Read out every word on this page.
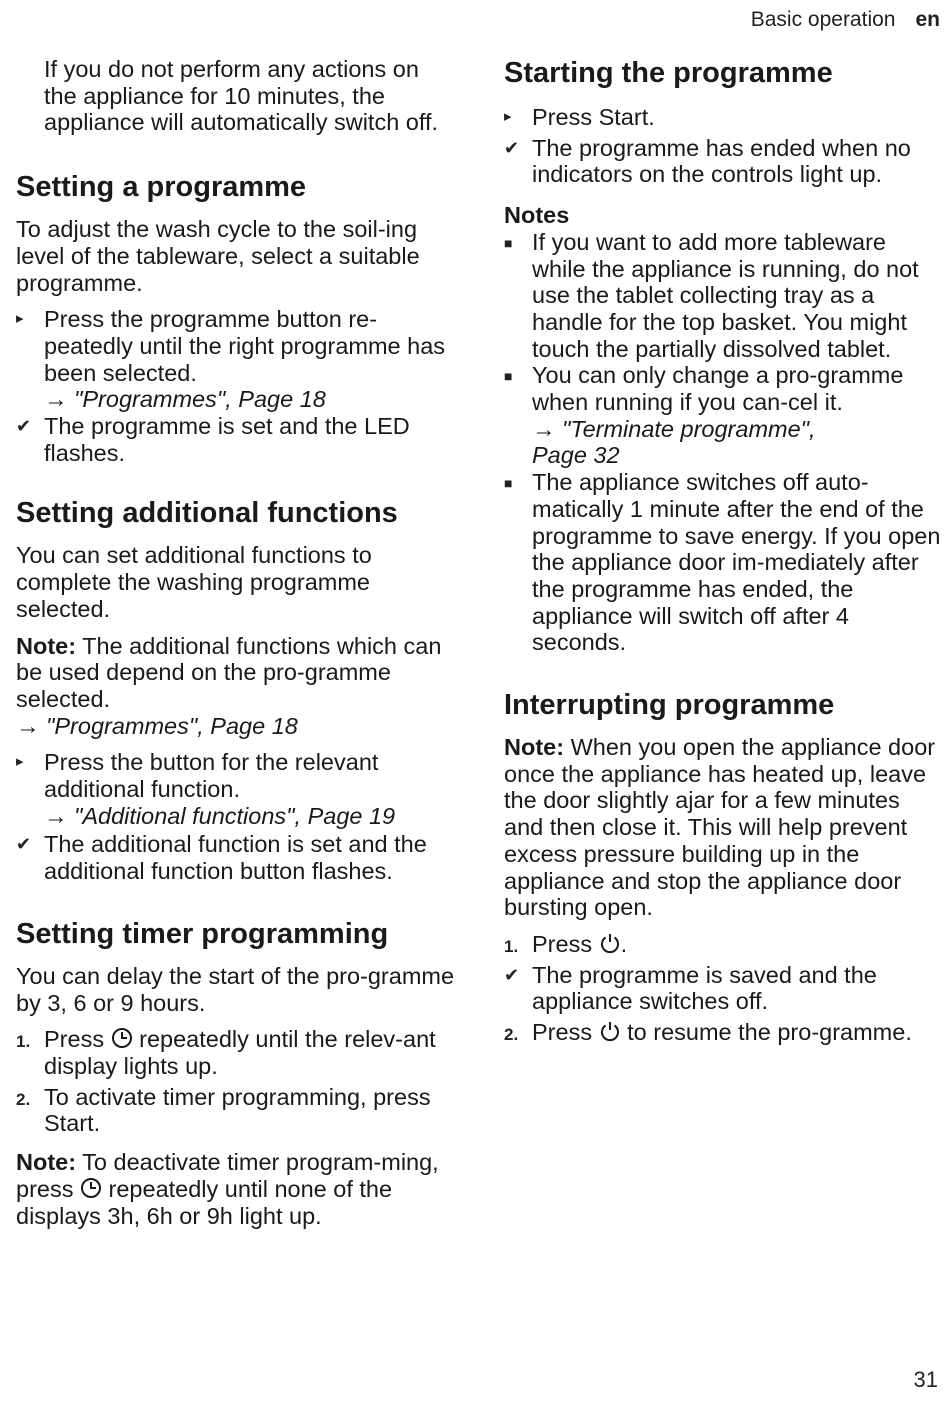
Basic operation en

If you do not perform any actions on the appliance for 10 minutes, the appliance will automatically switch off.

Setting a programme

To adjust the wash cycle to the soil-ing level of the tableware, select a suitable programme.

▸ Press the programme button re-peatedly until the right programme has been selected.
→ "Programmes", Page 18
✔ The programme is set and the LED flashes.
Setting additional functions

You can set additional functions to complete the washing programme selected.

Note: The additional functions which can be used depend on the pro-gramme selected.
→ "Programmes", Page 18

▸ Press the button for the relevant additional function.
→ "Additional functions", Page 19
✔ The additional function is set and the additional function button flashes.
Setting timer programming

You can delay the start of the pro-gramme by 3, 6 or 9 hours.

1. Press  repeatedly until the relev-ant display lights up.
2. To activate timer programming, press Start.

Note: To deactivate timer program-ming, press  repeatedly until none of the displays 3h, 6h or 9h light up.

Starting the programme
▸ Press Start.
✔ The programme has ended when no indicators on the controls light up.
Notes
■ If you want to add more tableware while the appliance is running, do not use the tablet collecting tray as a handle for the top basket. You might touch the partially dissolved tablet.
■ You can only change a pro-gramme when running if you can-cel it.
→ "Terminate programme",
Page 32
■ The appliance switches off auto-matically 1 minute after the end of the programme to save energy. If you open the appliance door im-mediately after the programme has ended, the appliance will switch off after 4 seconds.
Interrupting programme

Note: When you open the appliance door once the appliance has heated up, leave the door slightly ajar for a few minutes and then close it. This will help prevent excess pressure building up in the appliance and stop the appliance door bursting open.

1. Press .
✔ The programme is saved and the appliance switches off.
2. Press  to resume the pro-gramme.
31
